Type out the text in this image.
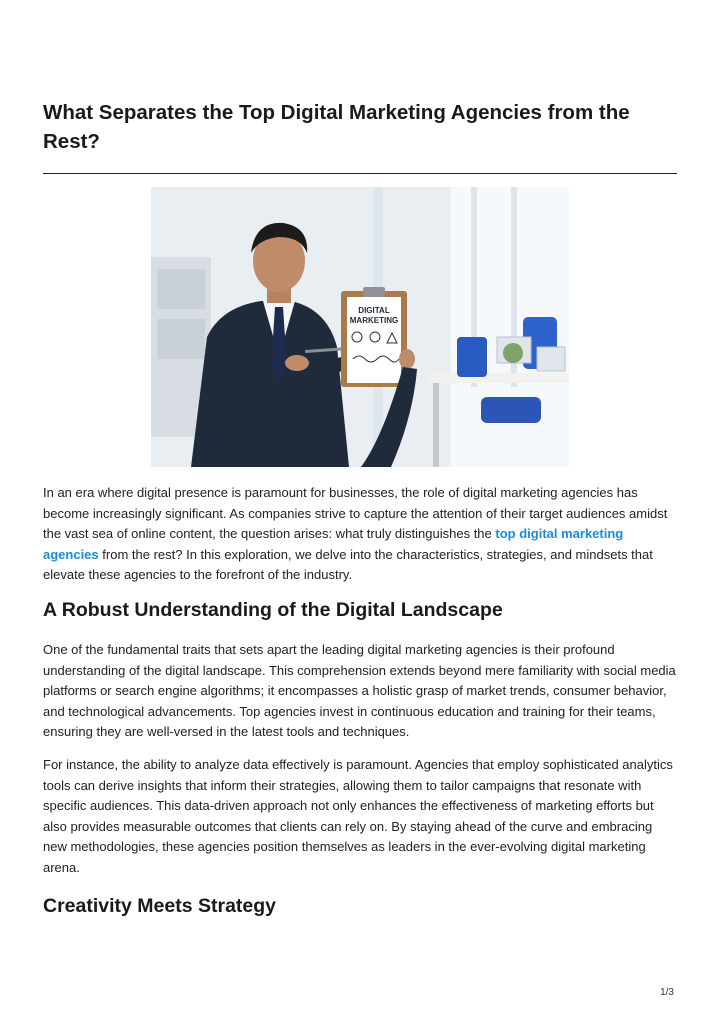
What Separates the Top Digital Marketing Agencies from the Rest?
DIGITAL
MARKETING

In an era where digital presence is paramount for businesses, the role of digital marketing agencies has become increasingly significant. As companies strive to capture the attention of their target audiences amidst the vast sea of online content, the question arises: what truly distinguishes the top digital marketing agencies from the rest? In this exploration, we delve into the characteristics, strategies, and mindsets that elevate these agencies to the forefront of the industry.

A Robust Understanding of the Digital Landscape

One of the fundamental traits that sets apart the leading digital marketing agencies is their profound understanding of the digital landscape. This comprehension extends beyond mere familiarity with social media platforms or search engine algorithms; it encompasses a holistic grasp of market trends, consumer behavior, and technological advancements. Top agencies invest in continuous education and training for their teams, ensuring they are well-versed in the latest tools and techniques.

For instance, the ability to analyze data effectively is paramount. Agencies that employ sophisticated analytics tools can derive insights that inform their strategies, allowing them to tailor campaigns that resonate with specific audiences. This data-driven approach not only enhances the effectiveness of marketing efforts but also provides measurable outcomes that clients can rely on. By staying ahead of the curve and embracing new methodologies, these agencies position themselves as leaders in the ever-evolving digital marketing arena.

Creativity Meets Strategy
1/3
